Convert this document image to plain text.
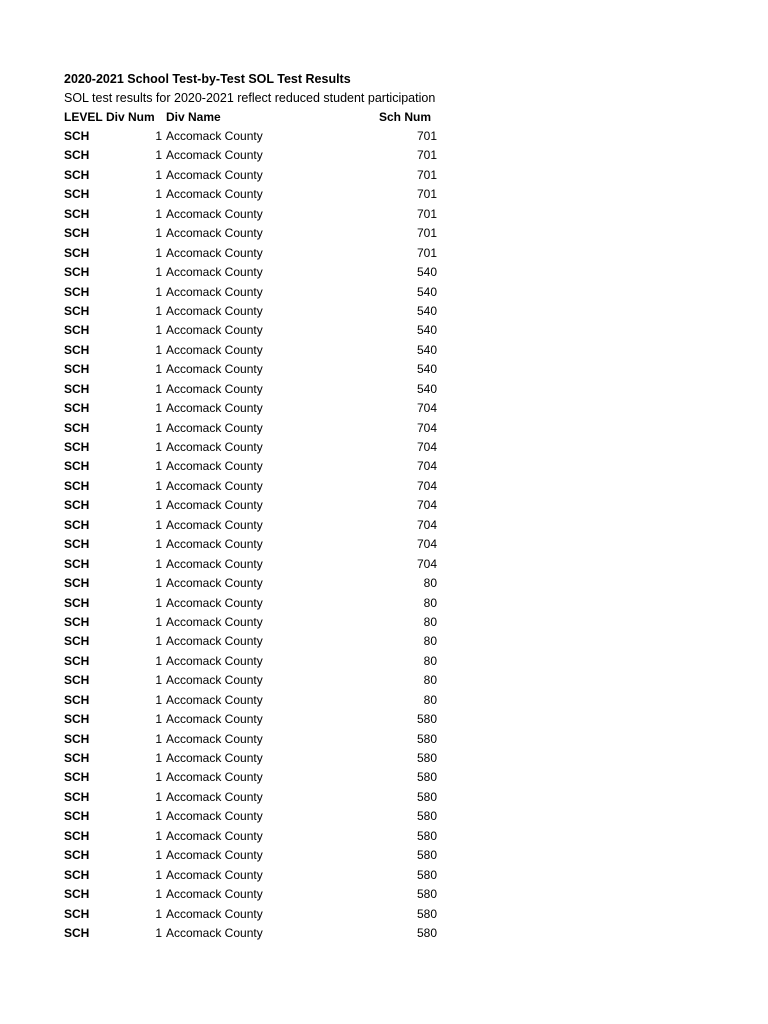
2020-2021 School Test-by-Test SOL Test Results
SOL test results for 2020-2021 reflect reduced student participation
LEVEL Div Num Div Name	Sch Num
SCH	1 Accomack County	701
SCH	1 Accomack County	701
SCH	1 Accomack County	701
SCH	1 Accomack County	701
SCH	1 Accomack County	701
SCH	1 Accomack County	701
SCH	1 Accomack County	701
SCH	1 Accomack County	540
SCH	1 Accomack County	540
SCH	1 Accomack County	540
SCH	1 Accomack County	540
SCH	1 Accomack County	540
SCH	1 Accomack County	540
SCH	1 Accomack County	540
SCH	1 Accomack County	704
SCH	1 Accomack County	704
SCH	1 Accomack County	704
SCH	1 Accomack County	704
SCH	1 Accomack County	704
SCH	1 Accomack County	704
SCH	1 Accomack County	704
SCH	1 Accomack County	704
SCH	1 Accomack County	704
SCH	1 Accomack County	80
SCH	1 Accomack County	80
SCH	1 Accomack County	80
SCH	1 Accomack County	80
SCH	1 Accomack County	80
SCH	1 Accomack County	80
SCH	1 Accomack County	80
SCH	1 Accomack County	580
SCH	1 Accomack County	580
SCH	1 Accomack County	580
SCH	1 Accomack County	580
SCH	1 Accomack County	580
SCH	1 Accomack County	580
SCH	1 Accomack County	580
SCH	1 Accomack County	580
SCH	1 Accomack County	580
SCH	1 Accomack County	580
SCH	1 Accomack County	580
SCH	1 Accomack County	580
